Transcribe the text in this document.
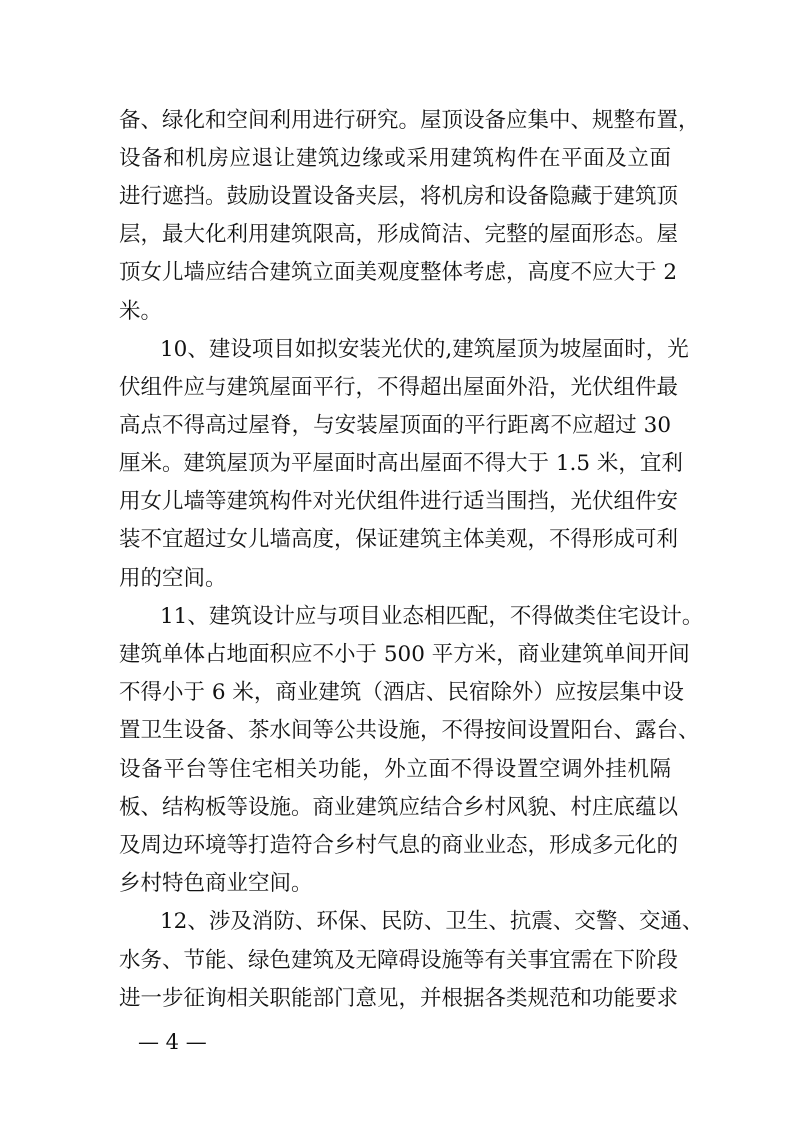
备、绿化和空间利用进行研究。屋顶设备应集中、规整布置，
设备和机房应退让建筑边缘或采用建筑构件在平面及立面
进行遮挡。鼓励设置设备夹层，将机房和设备隐藏于建筑顶
层，最大化利用建筑限高，形成简洁、完整的屋面形态。屋
顶女儿墙应结合建筑立面美观度整体考虑，高度不应大于 2
米。
10、建设项目如拟安装光伏的,建筑屋顶为坡屋面时，光
伏组件应与建筑屋面平行，不得超出屋面外沿，光伏组件最
高点不得高过屋脊，与安装屋顶面的平行距离不应超过 30
厘米。建筑屋顶为平屋面时高出屋面不得大于 1.5 米，宜利
用女儿墙等建筑构件对光伏组件进行适当围挡，光伏组件安
装不宜超过女儿墙高度，保证建筑主体美观，不得形成可利
用的空间。
11、建筑设计应与项目业态相匹配，不得做类住宅设计。
建筑单体占地面积应不小于 500 平方米，商业建筑单间开间
不得小于 6 米，商业建筑（酒店、民宿除外）应按层集中设
置卫生设备、茶水间等公共设施，不得按间设置阳台、露台、
设备平台等住宅相关功能，外立面不得设置空调外挂机隔
板、结构板等设施。商业建筑应结合乡村风貌、村庄底蕴以
及周边环境等打造符合乡村气息的商业业态，形成多元化的
乡村特色商业空间。
12、涉及消防、环保、民防、卫生、抗震、交警、交通、
水务、节能、绿色建筑及无障碍设施等有关事宜需在下阶段
进一步征询相关职能部门意见，并根据各类规范和功能要求
— 4 —
